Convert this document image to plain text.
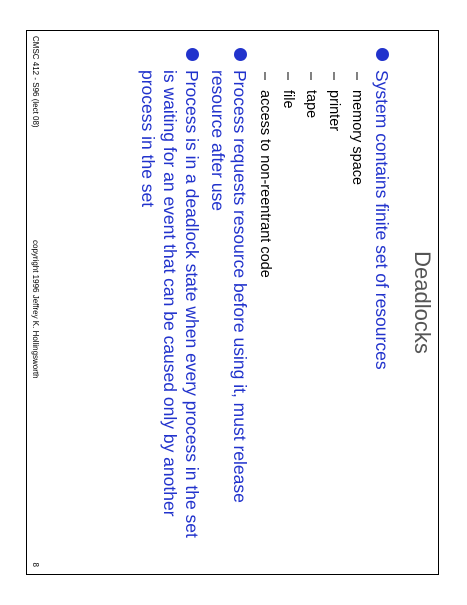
Deadlocks
System contains finite set of resources
–
memory space
–
printer
–
tape
–
file
–
access to non-reentrant code
Process requests resource before using it, must release resource after use
Process is in a deadlock state when every process in the set is waiting for an event that can be caused only by another process in the set
CMSC 412 - S96 (lect 08)
copyright 1996 Jeffrey K. Hollingsworth
8
